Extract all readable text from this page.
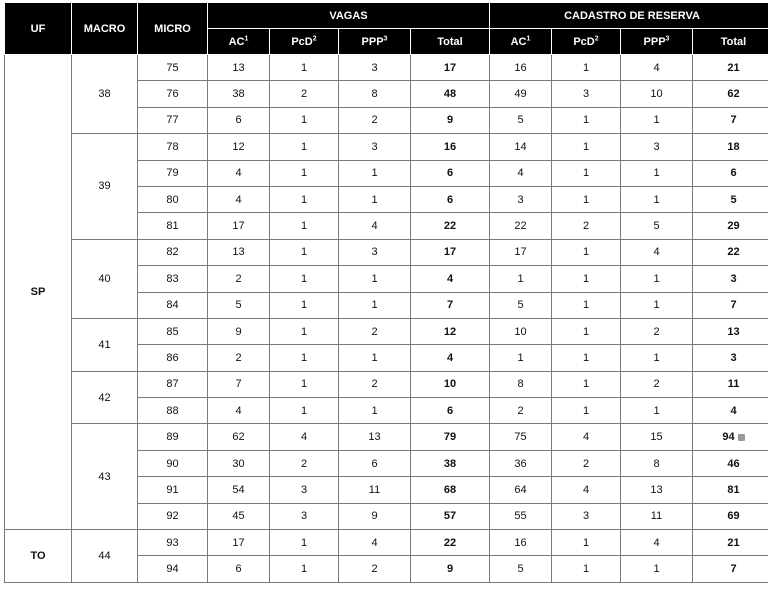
UF	MACRO	MICRO	VAGAS				CADASTRO DE RESERVA			
			$AC^1$	PcD$^2$	PPP$^3$	Total	$AC^1$	PcD$^2$	PPP$^3$	Total
SP	38	75	13	1	3	17	16	1	4	21
		76	38	2	8	48	49	3	10	62
		77	6	1	2	9	5	1	1	7
	39	78	12	1	3	16	14	1	3	18
		79	4	1	1	6	4	1	1	6
		80	4	1	1	6	3	1	1	5
		81	17	1	4	22	22	2	5	29
	40	82	13	1	3	17	17	1	4	22
		83	2	1	1	4	1	1	1	3
		84	5	1	1	7	5	1	1	7
	41	85	9	1	2	12	10	1	2	13
		86	2	1	1	4	1	1	1	3
	42	87	7	1	2	10	8	1	2	11
		88	4	1	1	6	2	1	1	4
	43	89	62	4	13	79	75	4	15	94
		90	30	2	6	38	36	2	8	46
		91	54	3	11	68	64	4	13	81
		92	45	3	9	57	55	3	11	69
TO	44	93	17	1	4	22	16	1	4	21
		94	6	1	2	9	5	1	1	7
